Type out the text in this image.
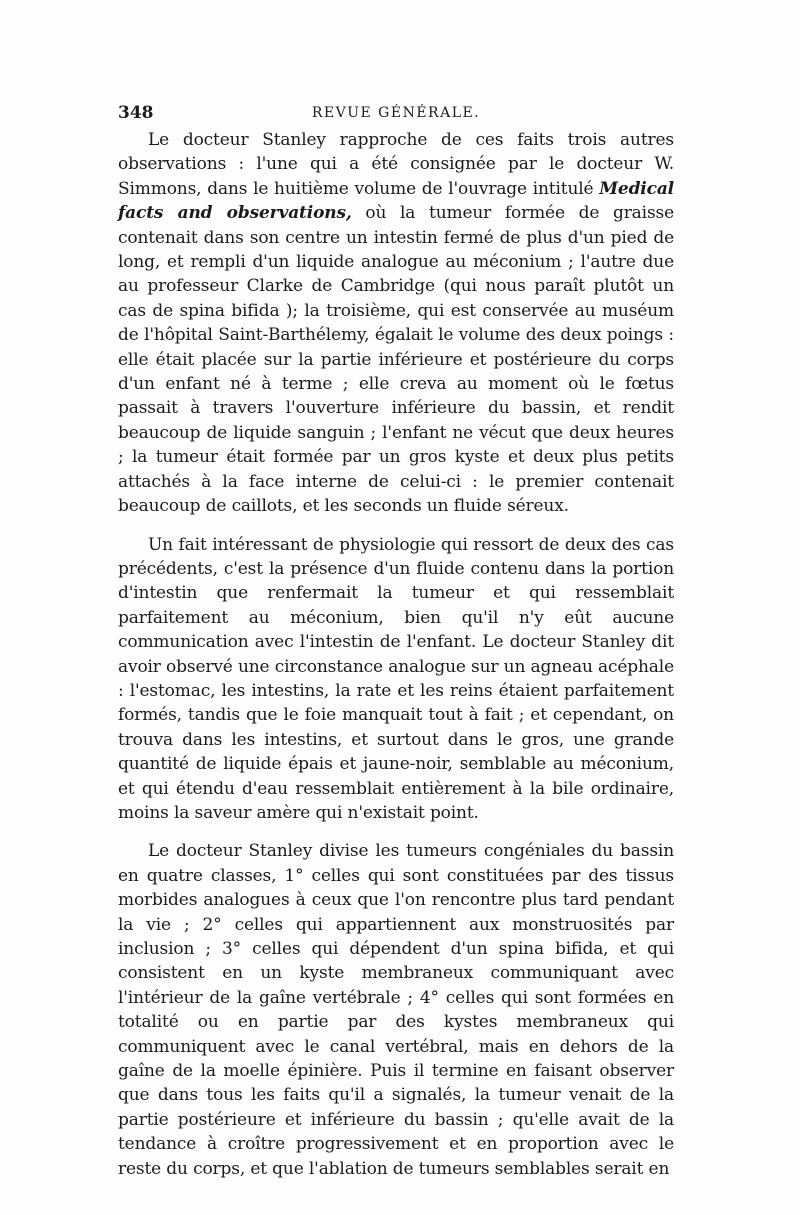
348	REVUE GÉNÉRALE.

Le docteur Stanley rapproche de ces faits trois autres observations : l'une qui a été consignée par le docteur W. Simmons, dans le huitième volume de l'ouvrage intitulé Medical facts and observations, où la tumeur formée de graisse contenait dans son centre un intestin fermé de plus d'un pied de long, et rempli d'un liquide analogue au méconium ; l'autre due au professeur Clarke de Cambridge (qui nous paraît plutôt un cas de spina bifida ); la troisième, qui est conservée au muséum de l'hôpital Saint-Barthélemy, égalait le volume des deux poings : elle était placée sur la partie inférieure et postérieure du corps d'un enfant né à terme ; elle creva au moment où le fœtus passait à travers l'ouverture inférieure du bassin, et rendit beaucoup de liquide sanguin ; l'enfant ne vécut que deux heures ; la tumeur était formée par un gros kyste et deux plus petits attachés à la face interne de celui-ci : le premier contenait beaucoup de caillots, et les seconds un fluide séreux.

Un fait intéressant de physiologie qui ressort de deux des cas précédents, c'est la présence d'un fluide contenu dans la portion d'intestin que renfermait la tumeur et qui ressemblait parfaitement au méconium, bien qu'il n'y eût aucune communication avec l'intestin de l'enfant. Le docteur Stanley dit avoir observé une circonstance analogue sur un agneau acéphale : l'estomac, les intestins, la rate et les reins étaient parfaitement formés, tandis que le foie manquait tout à fait ; et cependant, on trouva dans les intestins, et surtout dans le gros, une grande quantité de liquide épais et jaune-noir, semblable au méconium, et qui étendu d'eau ressemblait entièrement à la bile ordinaire, moins la saveur amère qui n'existait point.

Le docteur Stanley divise les tumeurs congéniales du bassin en quatre classes, 1° celles qui sont constituées par des tissus morbides analogues à ceux que l'on rencontre plus tard pendant la vie ; 2° celles qui appartiennent aux monstruosités par inclusion ; 3° celles qui dépendent d'un spina bifida, et qui consistent en un kyste membraneux communiquant avec l'intérieur de la gaîne vertébrale ; 4° celles qui sont formées en totalité ou en partie par des kystes membraneux qui communiquent avec le canal vertébral, mais en dehors de la gaîne de la moelle épinière. Puis il termine en faisant observer que dans tous les faits qu'il a signalés, la tumeur venait de la partie postérieure et inférieure du bassin ; qu'elle avait de la tendance à croître progressivement et en proportion avec le reste du corps, et que l'ablation de tumeurs semblables serait en
